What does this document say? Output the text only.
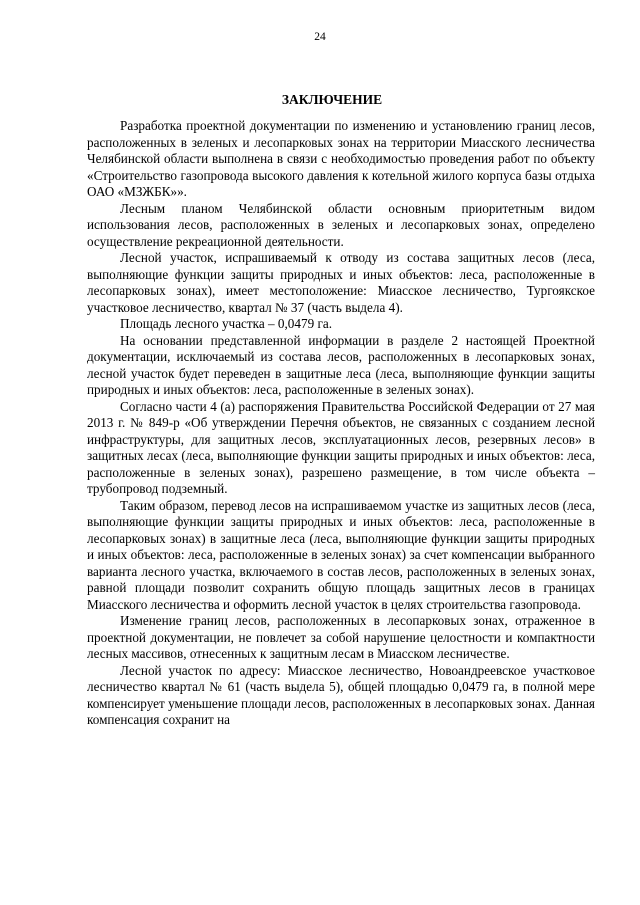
24
ЗАКЛЮЧЕНИЕ

Разработка проектной документации по изменению и установлению границ лесов, расположенных в зеленых и лесопарковых зонах на территории Миасского лесничества Челябинской области выполнена в связи с необходимостью проведения работ по объекту «Строительство газопровода высокого давления к котельной жилого корпуса базы отдыха ОАО «МЗЖБК»».

Лесным планом Челябинской области основным приоритетным видом использования лесов, расположенных в зеленых и лесопарковых зонах, определено осуществление рекреационной деятельности.

Лесной участок, испрашиваемый к отводу из состава защитных лесов (леса, выполняющие функции защиты природных и иных объектов: леса, расположенные в лесопарковых зонах), имеет местоположение: Миасское лесничество, Тургоякское участковое лесничество, квартал № 37 (часть выдела 4).

Площадь лесного участка – 0,0479 га.

На основании представленной информации в разделе 2 настоящей Проектной документации, исключаемый из состава лесов, расположенных в лесопарковых зонах, лесной участок будет переведен в защитные леса (леса, выполняющие функции защиты природных и иных объектов: леса, расположенные в зеленых зонах).

Согласно части 4 (а) распоряжения Правительства Российской Федерации от 27 мая 2013 г. № 849-р «Об утверждении Перечня объектов, не связанных с созданием лесной инфраструктуры, для защитных лесов, эксплуатационных лесов, резервных лесов» в защитных лесах (леса, выполняющие функции защиты природных и иных объектов: леса, расположенные в зеленых зонах), разрешено размещение, в том числе объекта – трубопровод подземный.

Таким образом, перевод лесов на испрашиваемом участке из защитных лесов (леса, выполняющие функции защиты природных и иных объектов: леса, расположенные в лесопарковых зонах) в защитные леса (леса, выполняющие функции защиты природных и иных объектов: леса, расположенные в зеленых зонах) за счет компенсации выбранного варианта лесного участка, включаемого в состав лесов, расположенных в зеленых зонах, равной площади позволит сохранить общую площадь защитных лесов в границах Миасского лесничества и оформить лесной участок в целях строительства газопровода.

Изменение границ лесов, расположенных в лесопарковых зонах, отраженное в проектной документации, не повлечет за собой нарушение целостности и компактности лесных массивов, отнесенных к защитным лесам в Миасском лесничестве.

Лесной участок по адресу: Миасское лесничество, Новоандреевское участковое лесничество квартал № 61 (часть выдела 5), общей площадью 0,0479 га, в полной мере компенсирует уменьшение площади лесов, расположенных в лесопарковых зонах. Данная компенсация сохранит на
